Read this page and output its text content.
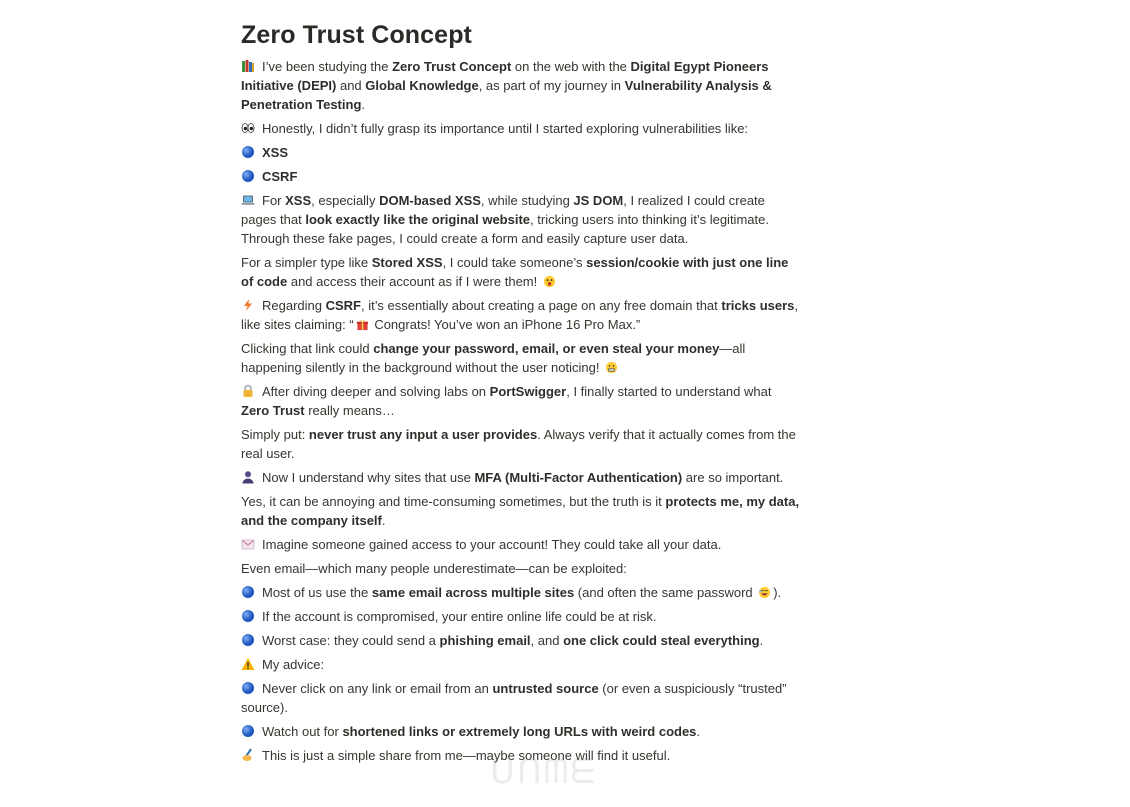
Zero Trust Concept
I’ve been studying the Zero Trust Concept on the web with the Digital Egypt Pioneers Initiative (DEPI) and Global Knowledge, as part of my journey in Vulnerability Analysis & Penetration Testing.
Honestly, I didn’t fully grasp its importance until I started exploring vulnerabilities like:
XSS
CSRF
For XSS, especially DOM-based XSS, while studying JS DOM, I realized I could create pages that look exactly like the original website, tricking users into thinking it’s legitimate. Through these fake pages, I could create a form and easily capture user data.
For a simpler type like Stored XSS, I could take someone’s session/cookie with just one line of code and access their account as if I were them!
Regarding CSRF, it’s essentially about creating a page on any free domain that tricks users, like sites claiming: “ Congrats! You’ve won an iPhone 16 Pro Max.”
Clicking that link could change your password, email, or even steal your money—all happening silently in the background without the user noticing!
After diving deeper and solving labs on PortSwigger, I finally started to understand what Zero Trust really means…
Simply put: never trust any input a user provides. Always verify that it actually comes from the real user.
Now I understand why sites that use MFA (Multi-Factor Authentication) are so important.
Yes, it can be annoying and time-consuming sometimes, but the truth is it protects me, my data, and the company itself.
Imagine someone gained access to your account! They could take all your data.
Even email—which many people underestimate—can be exploited:
Most of us use the same email across multiple sites (and often the same password ).
If the account is compromised, your entire online life could be at risk.
Worst case: they could send a phishing email, and one click could steal everything.
My advice:
Never click on any link or email from an untrusted source (or even a suspiciously “trusted” source).
Watch out for shortened links or extremely long URLs with weird codes.
This is just a simple share from me—maybe someone will find it useful.
ᑌᑎᗰᗴ
